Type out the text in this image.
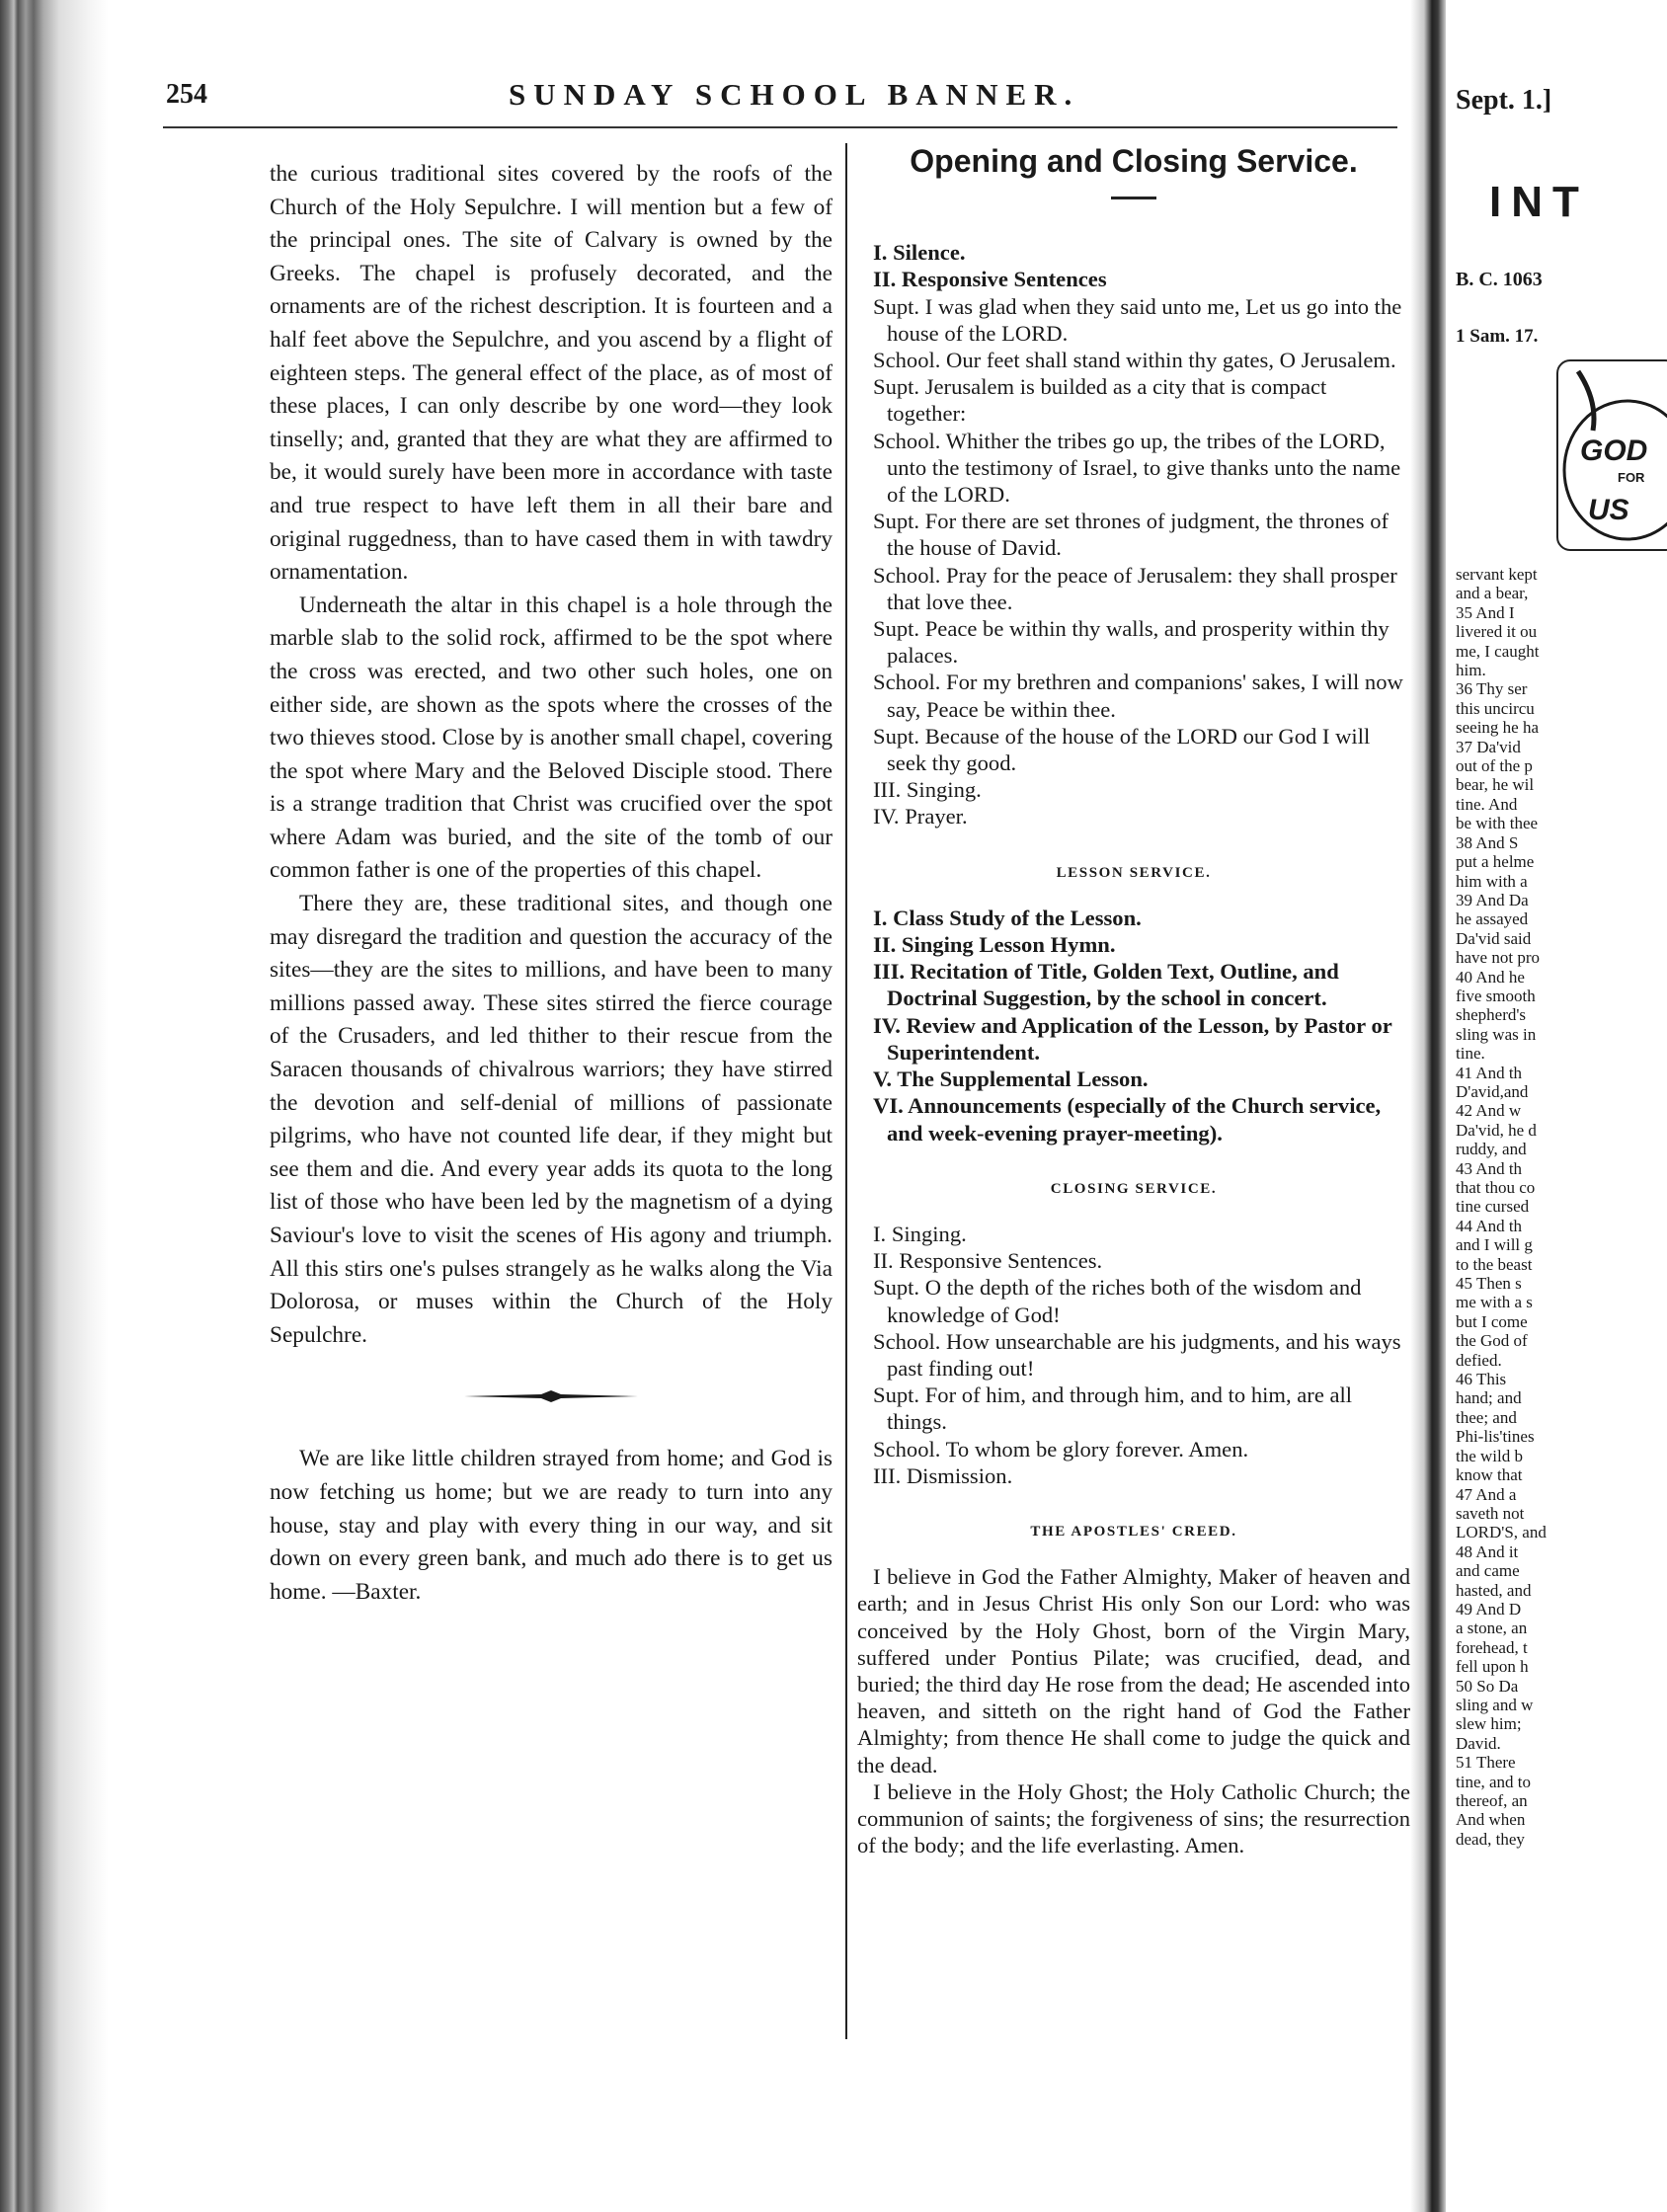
254	SUNDAY SCHOOL BANNER.

the curious traditional sites covered by the roofs of the Church of the Holy Sepulchre. I will mention but a few of the principal ones. The site of Calvary is owned by the Greeks. The chapel is profusely decorated, and the ornaments are of the richest description. It is fourteen and a half feet above the Sepulchre, and you ascend by a flight of eighteen steps. The general effect of the place, as of most of these places, I can only describe by one word—they look tinselly; and, granted that they are what they are affirmed to be, it would surely have been more in accordance with taste and true respect to have left them in all their bare and original ruggedness, than to have cased them in with tawdry ornamentation.

Underneath the altar in this chapel is a hole through the marble slab to the solid rock, affirmed to be the spot where the cross was erected, and two other such holes, one on either side, are shown as the spots where the crosses of the two thieves stood. Close by is another small chapel, covering the spot where Mary and the Beloved Disciple stood. There is a strange tradition that Christ was crucified over the spot where Adam was buried, and the site of the tomb of our common father is one of the properties of this chapel.

There they are, these traditional sites, and though one may disregard the tradition and question the accuracy of the sites—they are the sites to millions, and have been to many millions passed away. These sites stirred the fierce courage of the Crusaders, and led thither to their rescue from the Saracen thousands of chivalrous warriors; they have stirred the devotion and self-denial of millions of passionate pilgrims, who have not counted life dear, if they might but see them and die. And every year adds its quota to the long list of those who have been led by the magnetism of a dying Saviour's love to visit the scenes of His agony and triumph. All this stirs one's pulses strangely as he walks along the Via Dolorosa, or muses within the Church of the Holy Sepulchre.

We are like little children strayed from home; and God is now fetching us home; but we are ready to turn into any house, stay and play with every thing in our way, and sit down on every green bank, and much ado there is to get us home. —Baxter.

Opening and Closing Service.

I. Silence.

II. Responsive Sentences

Supt. I was glad when they said unto me, Let us go into the house of the LORD.

School. Our feet shall stand within thy gates, O Jerusalem.

Supt. Jerusalem is builded as a city that is compact together:

School. Whither the tribes go up, the tribes of the LORD, unto the testimony of Israel, to give thanks unto the name of the LORD.

Supt. For there are set thrones of judgment, the thrones of the house of David.

School. Pray for the peace of Jerusalem: they shall prosper that love thee.

Supt. Peace be within thy walls, and prosperity within thy palaces.

School. For my brethren and companions' sakes, I will now say, Peace be within thee.

Supt. Because of the house of the LORD our God I will seek thy good.

III. Singing.

IV. Prayer.

LESSON SERVICE.

I. Class Study of the Lesson.

II. Singing Lesson Hymn.

III. Recitation of Title, Golden Text, Outline, and Doctrinal Suggestion, by the school in concert.

IV. Review and Application of the Lesson, by Pastor or Superintendent.

V. The Supplemental Lesson.

VI. Announcements (especially of the Church service, and week-evening prayer-meeting).

CLOSING SERVICE.

I. Singing.

II. Responsive Sentences.

Supt. O the depth of the riches both of the wisdom and knowledge of God!

School. How unsearchable are his judgments, and his ways past finding out!

Supt. For of him, and through him, and to him, are all things.

School. To whom be glory forever. Amen.

III. Dismission.

THE APOSTLES' CREED.

I believe in God the Father Almighty, Maker of heaven and earth; and in Jesus Christ His only Son our Lord: who was conceived by the Holy Ghost, born of the Virgin Mary, suffered under Pontius Pilate; was crucified, dead, and buried; the third day He rose from the dead; He ascended into heaven, and sitteth on the right hand of God the Father Almighty; from thence He shall come to judge the quick and the dead.

I believe in the Holy Ghost; the Holy Catholic Church; the communion of saints; the forgiveness of sins; the resurrection of the body; and the life everlasting. Amen.

Sept. 1.]
INT
B. C. 1063
1 Sam. 17.
GOD
FOR
US
servant kept
and a bear,
35 And I
livered it ou
me, I caught
him.
36 Thy ser
this uncircu
seeing he ha
37 Da'vid
out of the p
bear, he wil
tine. And
be with thee
38 And S
put a helme
him with a
39 And Da
he assayed
Da'vid said
have not pro
40 And he
five smooth
shepherd's
sling was in
tine.
41 And th
D'avid,and
42 And w
Da'vid, he d
ruddy, and
43 And th
that thou co
tine cursed
44 And th
and I will g
to the beast
45 Then s
me with a s
but I come
the God of
defied.
46 This
hand; and
thee; and
Phi-lis'tines
the wild b
know that
47 And a
saveth not
LORD'S, and
48 And it
and came
hasted, and
49 And D
a stone, an
forehead, t
fell upon h
50 So Da
sling and w
slew him;
David.
51 There
tine, and to
thereof, an
And when
dead, they
